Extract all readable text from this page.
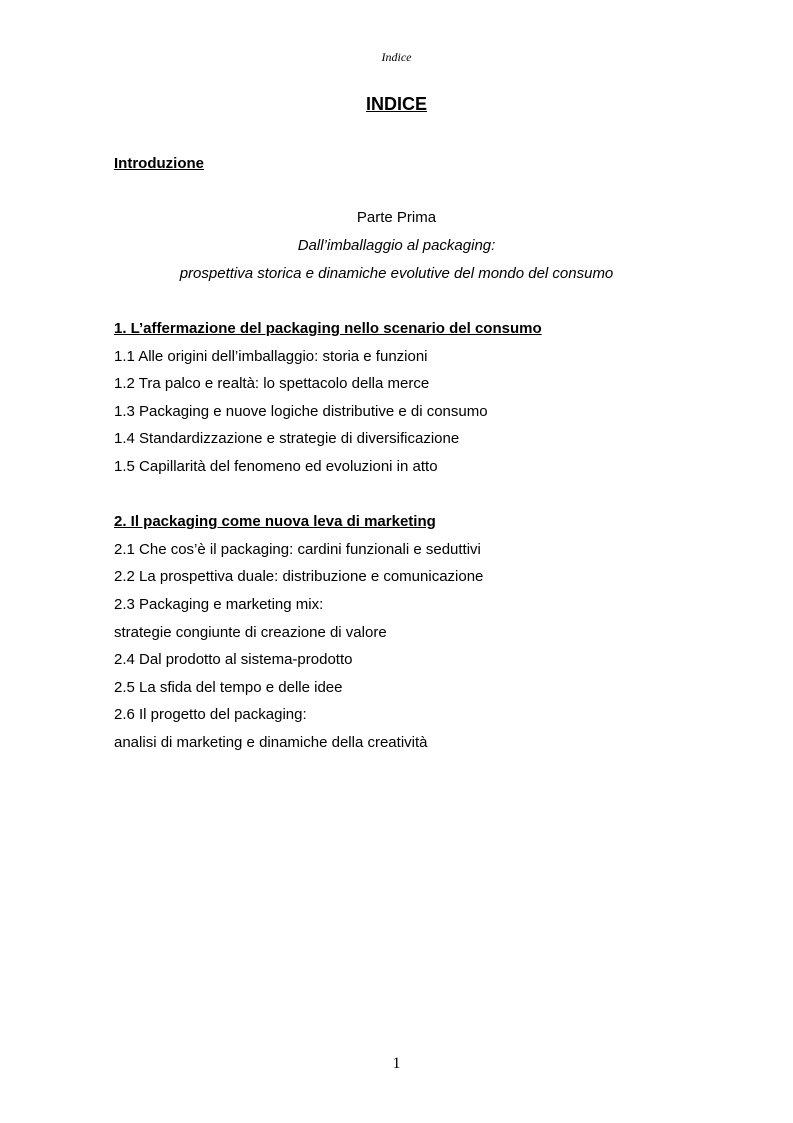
Indice
INDICE
Introduzione
Parte Prima
Dall’imballaggio al packaging:
prospettiva storica e dinamiche evolutive del mondo del consumo
1. L’affermazione del packaging nello scenario del consumo
1.1 Alle origini dell’imballaggio: storia e funzioni
1.2 Tra palco e realtà: lo spettacolo della merce
1.3 Packaging e nuove logiche distributive e di consumo
1.4 Standardizzazione e strategie di diversificazione
1.5 Capillarità del fenomeno ed evoluzioni in atto
2. Il packaging come nuova leva di marketing
2.1 Che cos’è il packaging: cardini funzionali e seduttivi
2.2 La prospettiva duale: distribuzione e comunicazione
2.3 Packaging e marketing mix:
strategie congiunte di creazione di valore
2.4 Dal prodotto al sistema-prodotto
2.5 La sfida del tempo e delle idee
2.6 Il progetto del packaging:
analisi di marketing e dinamiche della creatività
1
